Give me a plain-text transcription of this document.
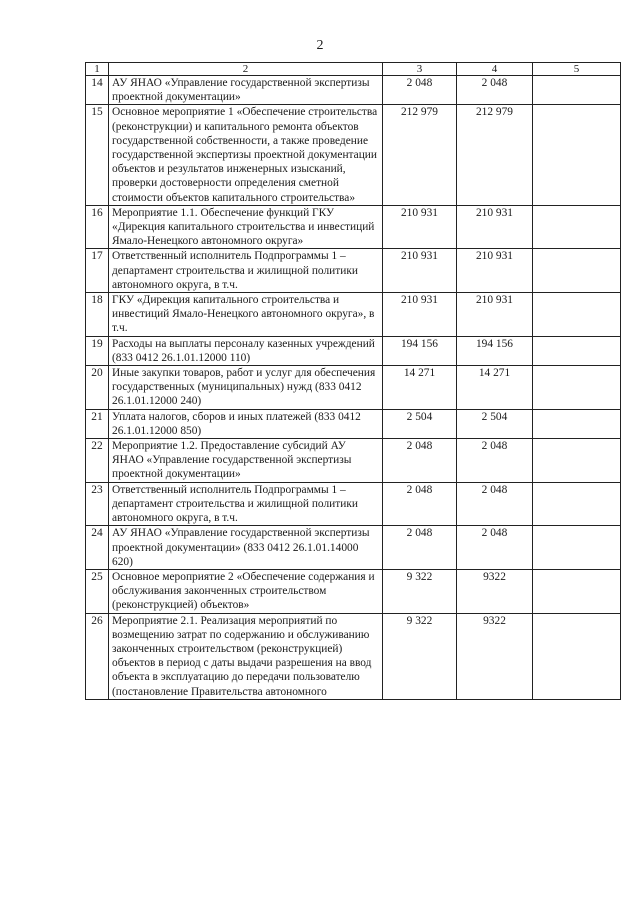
2
1	2	3	4	5
14	АУ ЯНАО «Управление государственной экспертизы проектной документации»	2 048	2 048	
15	Основное мероприятие 1 «Обеспечение строительства (реконструкции) и капитального ремонта объектов государственной собственности, а также проведение государственной экспертизы проектной документации объектов и результатов инженерных изысканий, проверки достоверности определения сметной стоимости объектов капитального строительства»	212 979	212 979	
16	Мероприятие 1.1. Обеспечение функций ГКУ «Дирекция капитального строительства и инвестиций Ямало-Ненецкого автономного округа»	210 931	210 931	
17	Ответственный исполнитель Подпрограммы 1 – департамент строительства и жилищной политики автономного округа, в т.ч.	210 931	210 931	
18	ГКУ «Дирекция капитального строительства и инвестиций Ямало-Ненецкого автономного округа», в т.ч.	210 931	210 931	
19	Расходы на выплаты персоналу казенных учреждений (833 0412 26.1.01.12000 110)	194 156	194 156	
20	Иные закупки товаров, работ и услуг для обеспечения государственных (муниципальных) нужд (833 0412 26.1.01.12000 240)	14 271	14 271	
21	Уплата налогов, сборов и иных платежей (833 0412 26.1.01.12000 850)	2 504	2 504	
22	Мероприятие 1.2. Предоставление субсидий АУ ЯНАО «Управление государственной экспертизы проектной документации»	2 048	2 048	
23	Ответственный исполнитель Подпрограммы 1 – департамент строительства и жилищной политики автономного округа, в т.ч.	2 048	2 048	
24	АУ ЯНАО «Управление государственной экспертизы проектной документации» (833 0412 26.1.01.14000 620)	2 048	2 048	
25	Основное мероприятие 2 «Обеспечение содержания и обслуживания законченных строительством (реконструкцией) объектов»	9 322	9322	
26	Мероприятие 2.1. Реализация мероприятий по возмещению затрат по содержанию и обслуживанию законченных строительством (реконструкцией) объектов в период с даты выдачи разрешения на ввод объекта в эксплуатацию до передачи пользователю (постановление Правительства автономного	9 322	9322	
